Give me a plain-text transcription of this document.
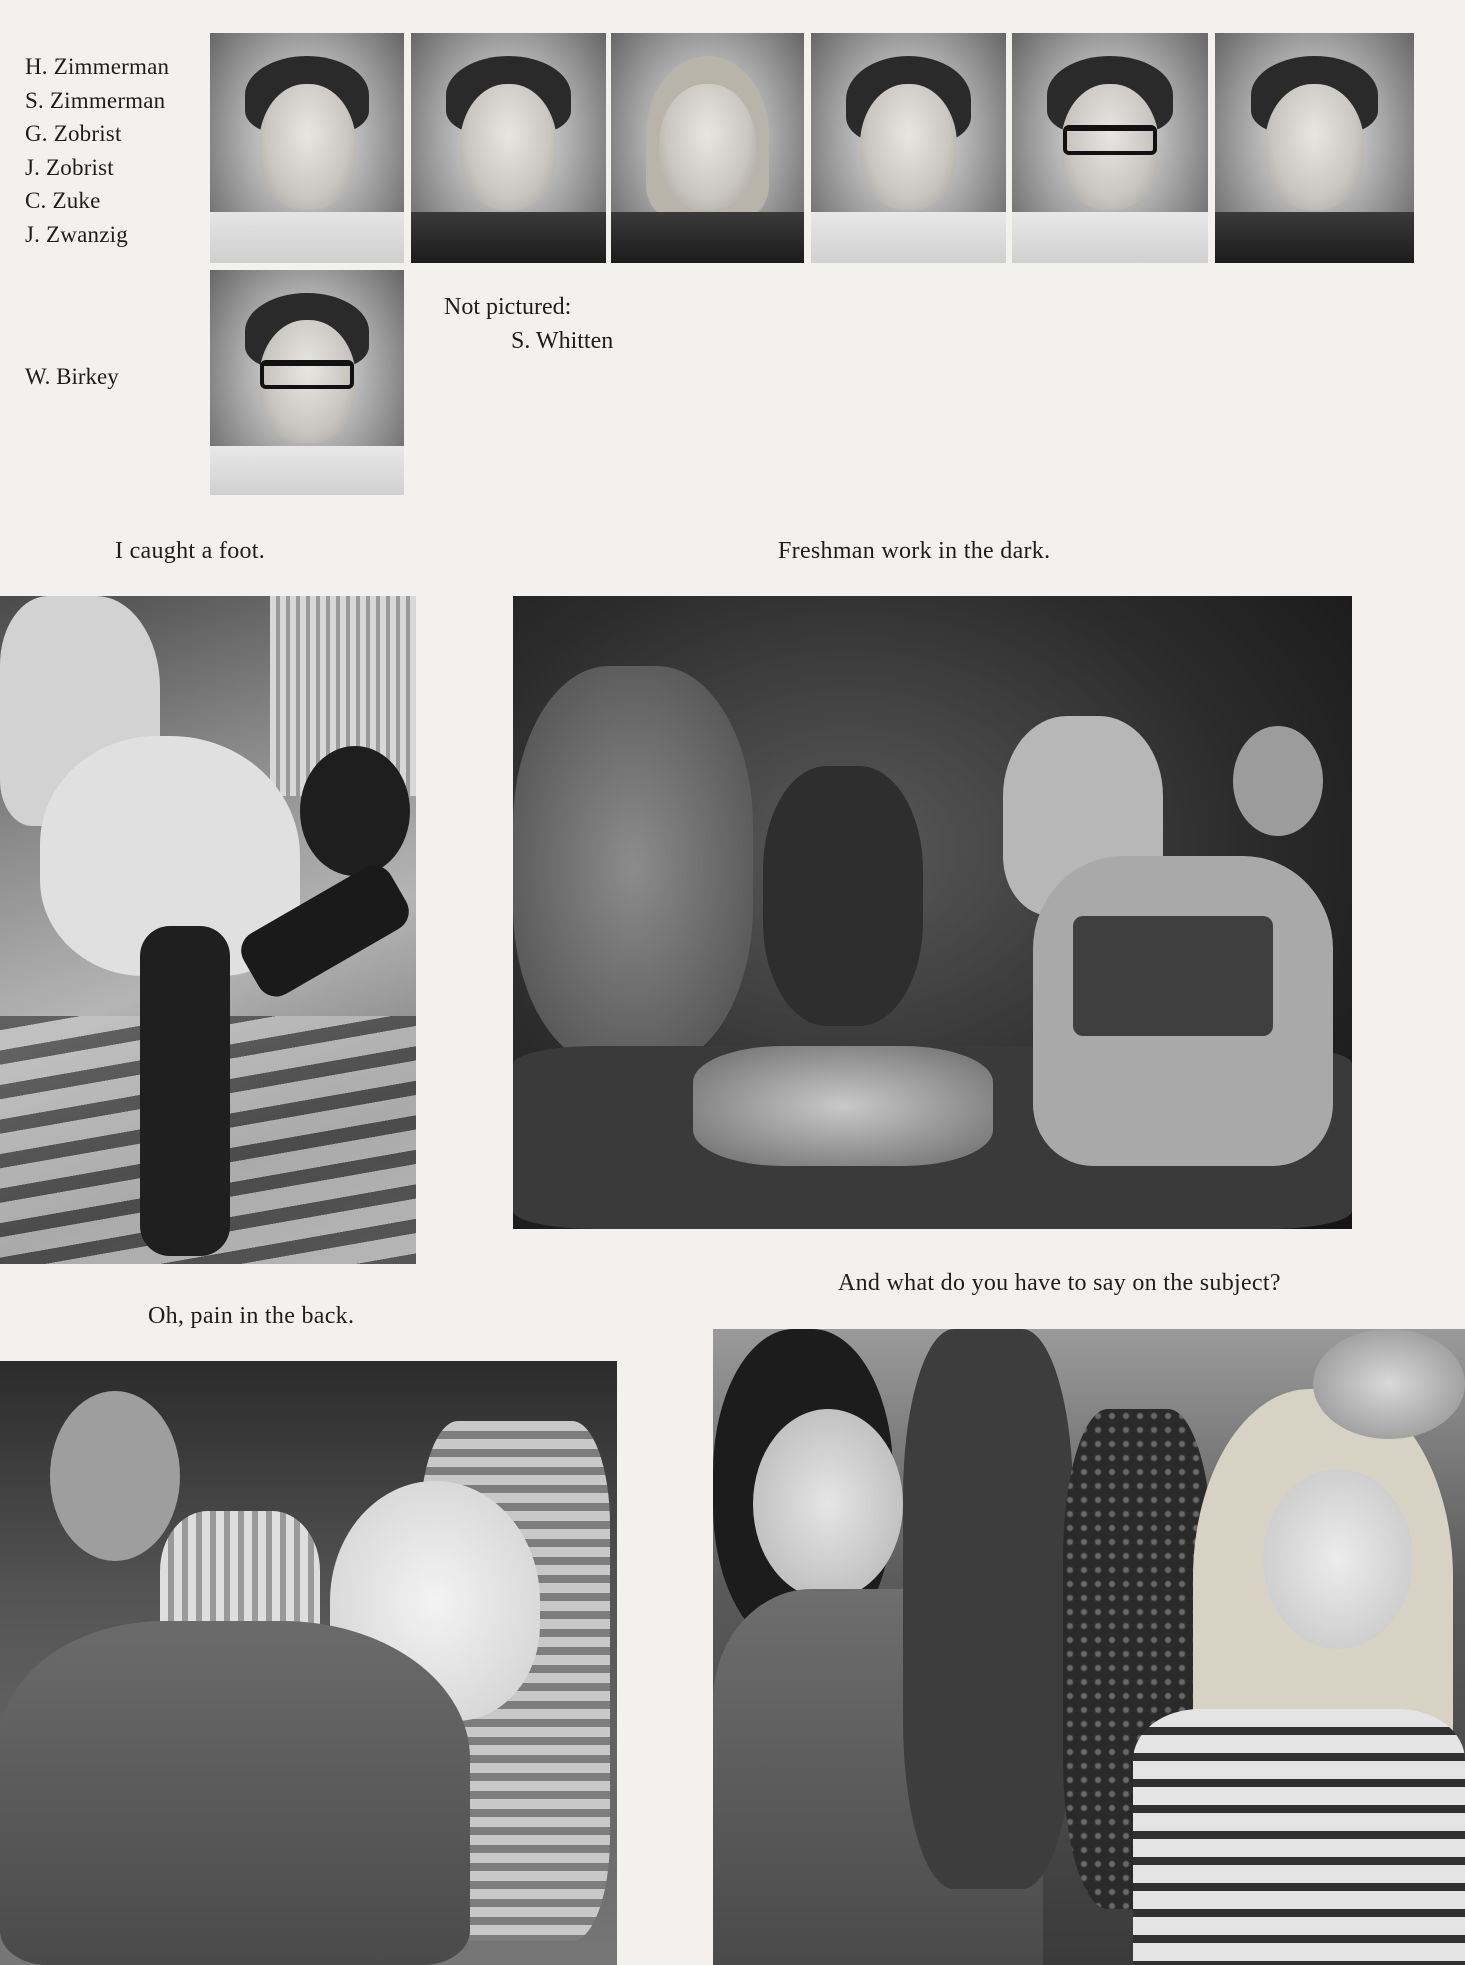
H. Zimmerman
S. Zimmerman
G. Zobrist
J. Zobrist
C. Zuke
J. Zwanzig
W. Birkey
Not pictured:
S. Whitten
I caught a foot.	Freshman work in the dark.
Oh, pain in the back.
And what do you have to say on the subject?
